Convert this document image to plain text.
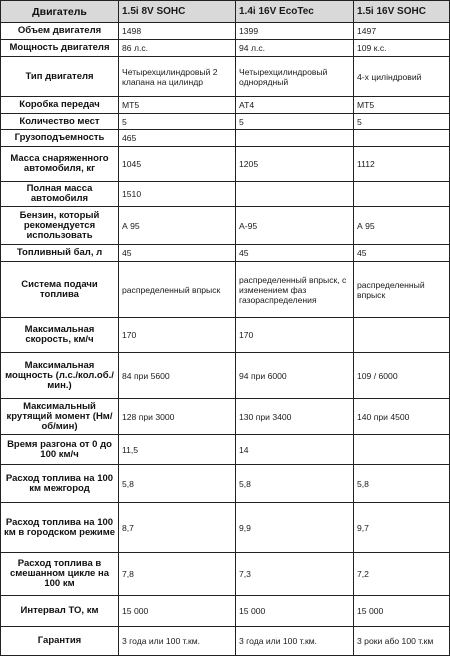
Двигатель	1.5i 8V SOHC	1.4i 16V EcoTec	1.5i 16V SOHC
Объем двигателя	1498	1399	1497
Мощность двигателя	86 л.с.	94 л.с.	109 к.с.
Тип двигателя	Четырехцилиндровый 2 клапана на цилиндр	Четырехцилиндровый однорядный	4-х циліндровий
Коробка передач	MT5	AT4	MT5
Количество мест	5	5	5
Грузоподъемность	465		
Масса снаряженного автомобиля, кг	1045	1205	1112
Полная масса автомобиля	1510		
Бензин, который рекомендуется использовать	А 95	А-95	А 95
Топливный бал, л	45	45	45
Система подачи топлива	распределенный впрыск	распределенный впрыск, с изменением фаз газораспределения	распределенный впрыск
Максимальная скорость, км/ч	170	170	
Максимальная мощность (л.с./кол.об./мин.)	84 при 5600	94 при 6000	109 / 6000
Максимальный крутящий момент (Нм/об/мин)	128 при 3000	130 при 3400	140 при 4500
Время разгона от 0 до 100 км/ч	11,5	14	
Расход топлива на 100 км межгород	5,8	5,8	5,8
Расход топлива на 100 км в городском режиме	8,7	9,9	9,7
Расход топлива в смешанном цикле на 100 км	7,8	7,3	7,2
Интервал ТО, км	15 000	15 000	15 000
Гарантия	3 года или 100 т.км.	3 года или 100 т.км.	3 роки або 100 т.км
